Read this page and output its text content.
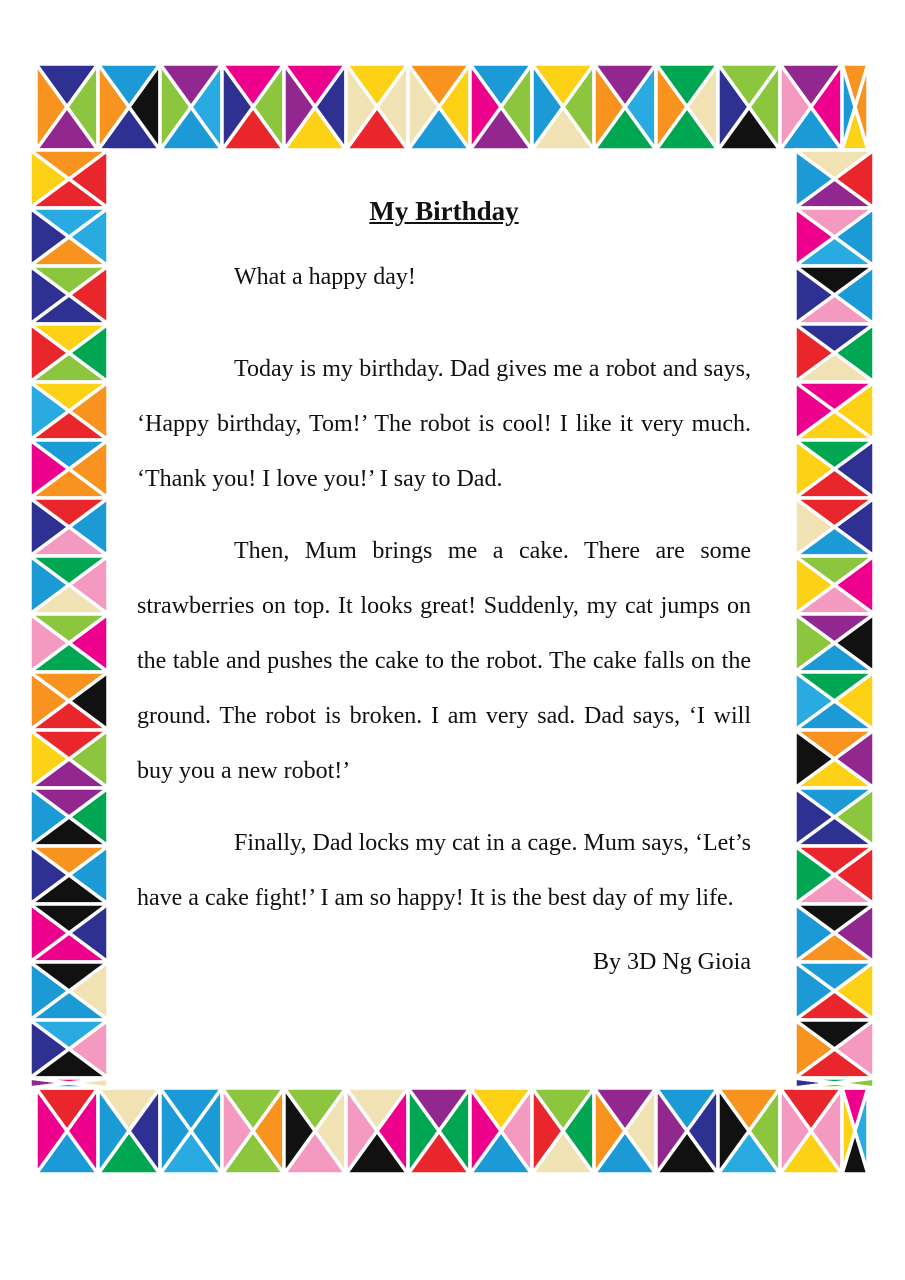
My Birthday

What a happy day!

Today is my birthday. Dad gives me a robot and says, ‘Happy birthday, Tom!’ The robot is cool! I like it very much. ‘Thank you! I love you!’ I say to Dad.

Then, Mum brings me a cake. There are some strawberries on top. It looks great! Suddenly, my cat jumps on the table and pushes the cake to the robot. The cake falls on the ground. The robot is broken. I am very sad. Dad says, ‘I will buy you a new robot!’

Finally, Dad locks my cat in a cage. Mum says, ‘Let’s have a cake fight!’ I am so happy! It is the best day of my life.

By 3D Ng Gioia
